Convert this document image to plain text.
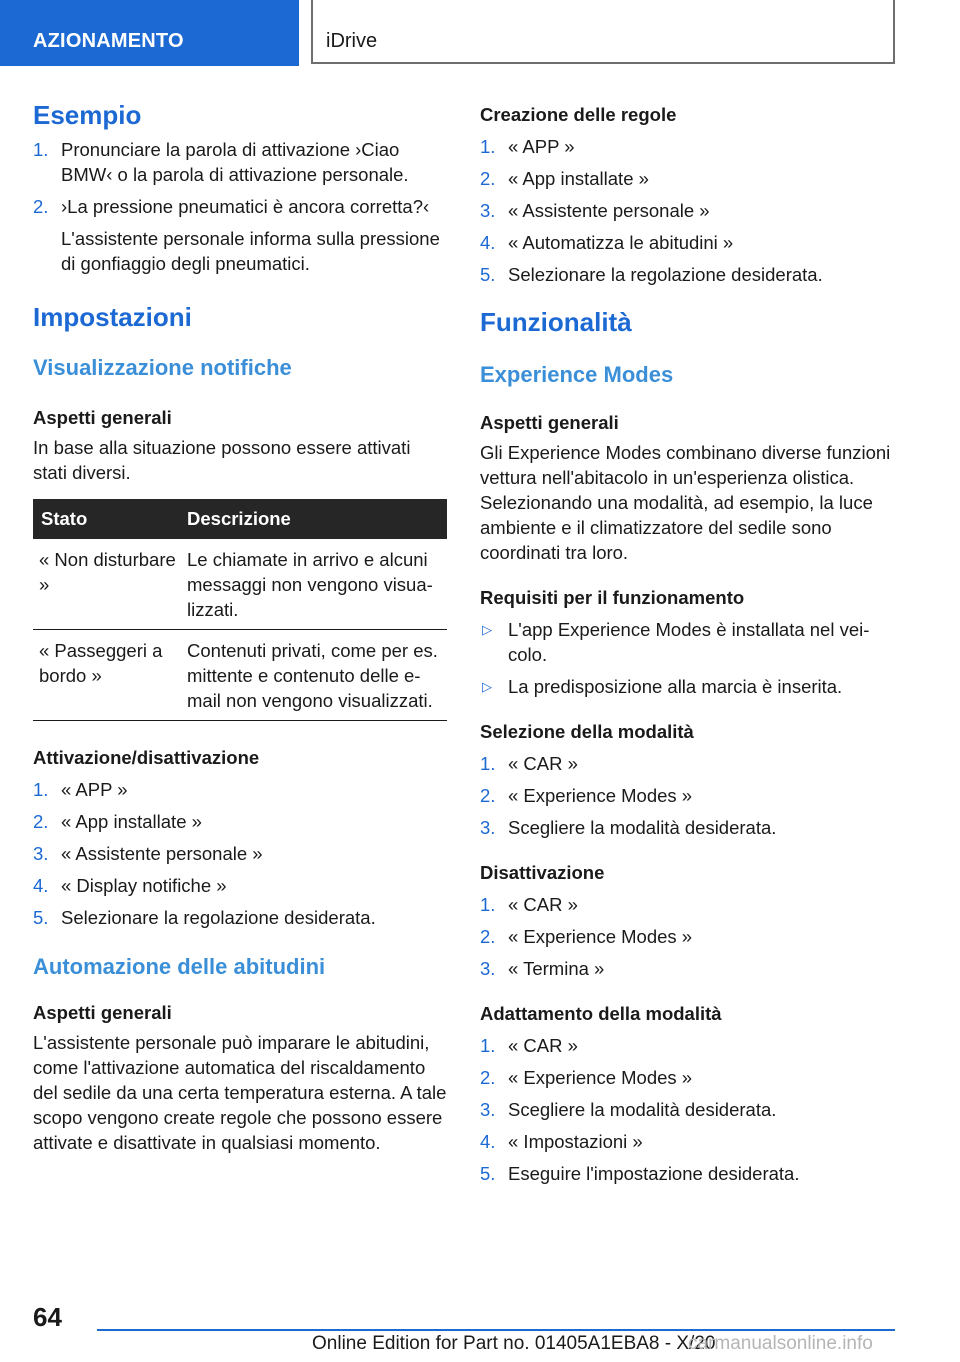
AZIONAMENTO	iDrive
Esempio
1. Pronunciare la parola di attivazione ›Ciao BMW‹ o la parola di attivazione personale.
2. ›La pressione pneumatici è ancora corretta?‹
L'assistente personale informa sulla pressione di gonfiaggio degli pneumatici.
Impostazioni
Visualizzazione notifiche
Aspetti generali

In base alla situazione possono essere attivati stati diversi.

Stato	Descrizione
« Non disturbare »
Le chiamate in arrivo e alcuni messaggi non vengono visualizzati.
« Passeggeri a bordo »
Contenuti privati, come per es. mittente e contenuto delle e-mail non vengono visualizzati.
Attivazione/disattivazione
1. « APP »
2. « App installate »
3. « Assistente personale »
4. « Display notifiche »
5. Selezionare la regolazione desiderata.
Automazione delle abitudini
Aspetti generali

L'assistente personale può imparare le abitudini, come l'attivazione automatica del riscaldamento del sedile da una certa temperatura esterna. A tale scopo vengono create regole che possono essere attivate e disattivate in qualsiasi momento.

Creazione delle regole
1. « APP »
2. « App installate »
3. « Assistente personale »
4. « Automatizza le abitudini »
5. Selezionare la regolazione desiderata.
Funzionalità
Experience Modes
Aspetti generali

Gli Experience Modes combinano diverse funzioni vettura nell'abitacolo in un'esperienza olistica. Selezionando una modalità, ad esempio, la luce ambiente e il climatizzatore del sedile sono coordinati tra loro.

Requisiti per il funzionamento
▷ L'app Experience Modes è installata nel veicolo.
▷ La predisposizione alla marcia è inserita.
Selezione della modalità
1. « CAR »
2. « Experience Modes »
3. Scegliere la modalità desiderata.
Disattivazione
1. « CAR »
2. « Experience Modes »
3. « Termina »
Adattamento della modalità
1. « CAR »
2. « Experience Modes »
3. Scegliere la modalità desiderata.
4. « Impostazioni »
5. Eseguire l'impostazione desiderata.
64
Online Edition for Part no. 01405A1EBA8 - X/20
carmanualsonline.info
